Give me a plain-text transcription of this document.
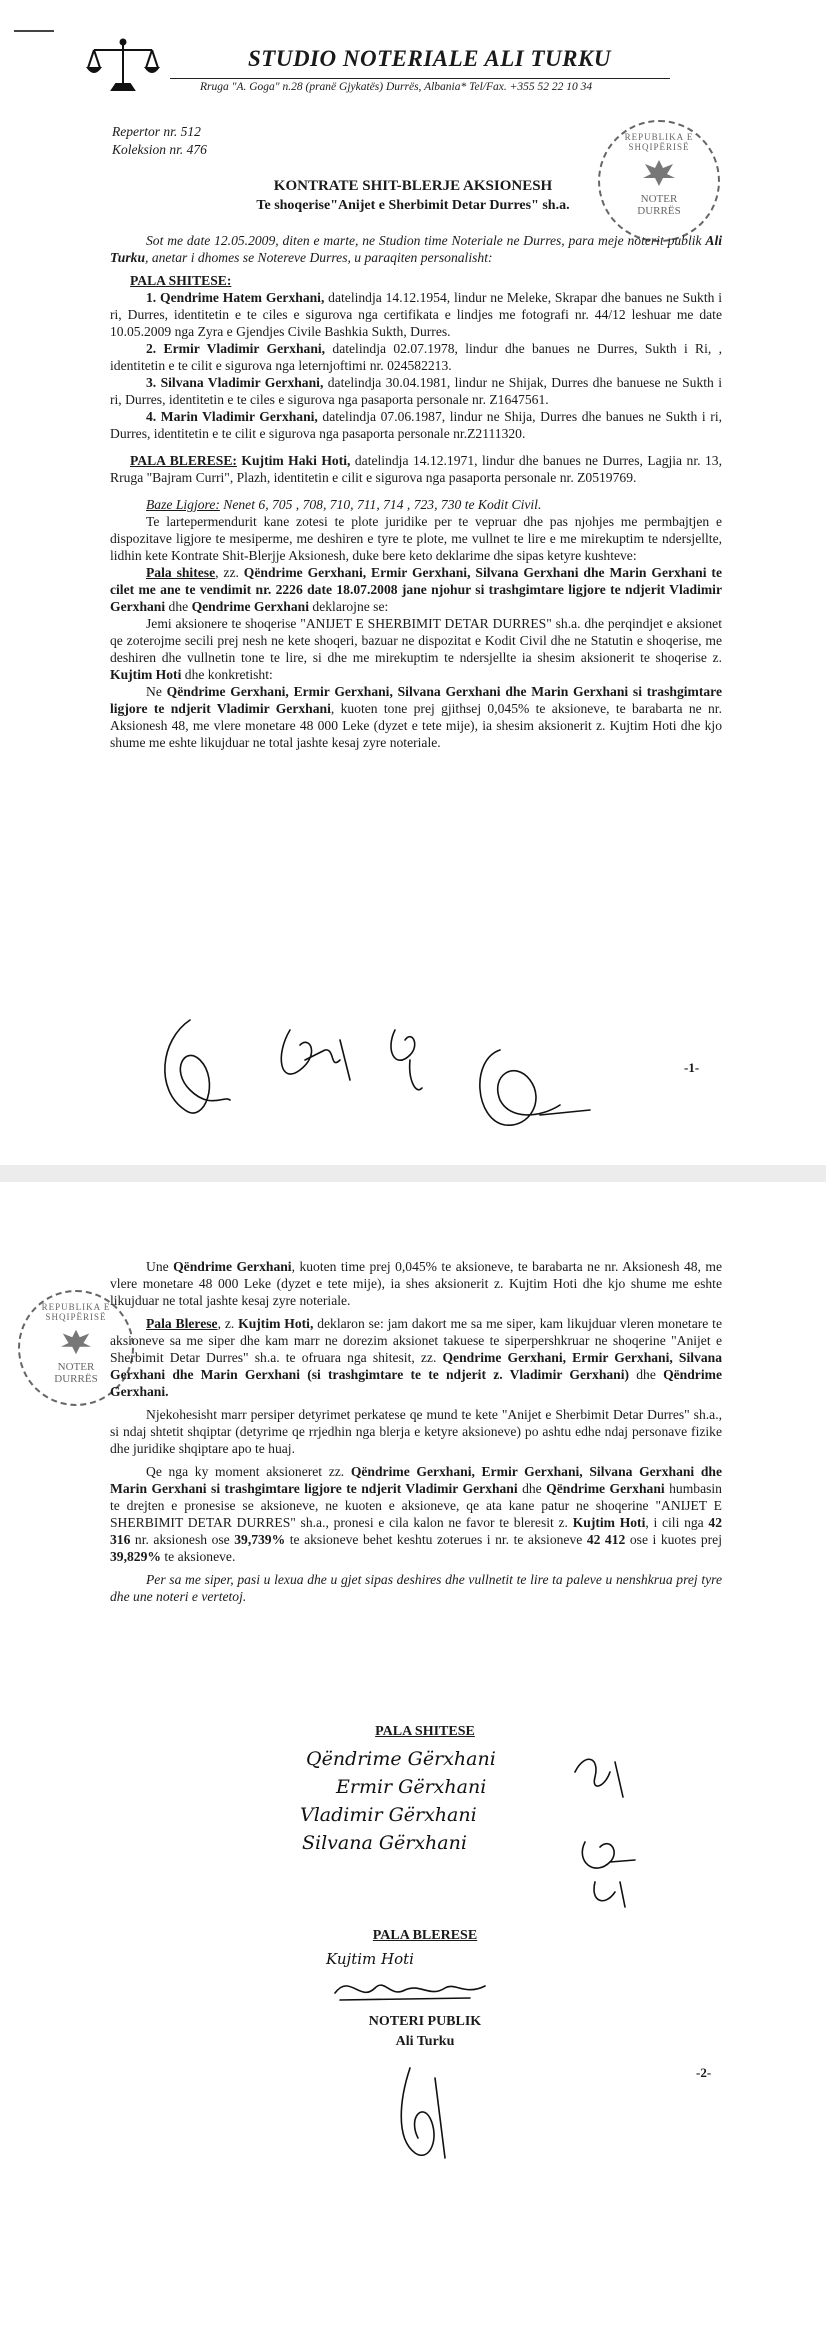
STUDIO NOTERIALE ALI TURKU
Rruga "A. Goga" n.28 (pranë Gjykatës) Durrës, Albania* Tel/Fax. +355 52 22 10 34
Repertor nr. 512
Koleksion nr. 476
REPUBLIKA E SHQIPËRISË
NOTER
DURRËS
KONTRATE SHIT-BLERJE AKSIONESH
Te shoqerise"Anijet e Sherbimit Detar Durres" sh.a.

Sot me date 12.05.2009, diten e marte, ne Studion time Noteriale ne Durres, para meje noterit publik Ali Turku, anetar i dhomes se Notereve Durres, u paraqiten personalisht:

PALA SHITESE:

1. Qendrime Hatem Gerxhani, datelindja 14.12.1954, lindur ne Meleke, Skrapar dhe banues ne Sukth i ri, Durres, identitetin e te ciles e sigurova nga certifikata e lindjes me fotografi nr. 44/12 leshuar me date 10.05.2009 nga Zyra e Gjendjes Civile Bashkia Sukth, Durres.

2. Ermir Vladimir Gerxhani, datelindja 02.07.1978, lindur dhe banues ne Durres, Sukth i Ri, , identitetin e te cilit e sigurova nga leternjoftimi nr. 024582213.

3. Silvana Vladimir Gerxhani, datelindja 30.04.1981, lindur ne Shijak, Durres dhe banuese ne Sukth i ri, Durres, identitetin e te ciles e sigurova nga pasaporta personale nr. Z1647561.

4. Marin Vladimir Gerxhani, datelindja 07.06.1987, lindur ne Shija, Durres dhe banues ne Sukth i ri, Durres, identitetin e te cilit e sigurova nga pasaporta personale nr.Z2111320.

PALA BLERESE: Kujtim Haki Hoti, datelindja 14.12.1971, lindur dhe banues ne Durres, Lagjia nr. 13, Rruga "Bajram Curri", Plazh, identitetin e cilit e sigurova nga pasaporta personale nr. Z0519769.

Baze Ligjore: Nenet 6, 705 , 708, 710, 711, 714 , 723, 730 te Kodit Civil.

Te lartepermendurit kane zotesi te plote juridike per te vepruar dhe pas njohjes me permbajtjen e dispozitave ligjore te mesiperme, me deshiren e tyre te plote, me vullnet te lire e me mirekuptim te ndersjellte, lidhin kete Kontrate Shit-Blerjje Aksionesh, duke bere keto deklarime dhe sipas ketyre kushteve:

Pala shitese, zz. Qëndrime Gerxhani, Ermir Gerxhani, Silvana Gerxhani dhe Marin Gerxhani te cilet me ane te vendimit nr. 2226 date 18.07.2008 jane njohur si trashgimtare ligjore te ndjerit Vladimir Gerxhani dhe Qendrime Gerxhani deklarojne se:

Jemi aksionere te shoqerise "ANIJET E SHERBIMIT DETAR DURRES" sh.a. dhe perqindjet e aksionet qe zoterojme secili prej nesh ne kete shoqeri, bazuar ne dispozitat e Kodit Civil dhe ne Statutin e shoqerise, me deshiren dhe vullnetin tone te lire, si dhe me mirekuptim te ndersjellte ia shesim aksionerit te shoqerise z. Kujtim Hoti dhe konkretisht:

Ne Qëndrime Gerxhani, Ermir Gerxhani, Silvana Gerxhani dhe Marin Gerxhani si trashgimtare ligjore te ndjerit Vladimir Gerxhani, kuoten tone prej gjithsej 0,045% te aksioneve, te barabarta ne nr. Aksionesh 48, me vlere monetare 48 000 Leke (dyzet e tete mije), ia shesim aksionerit z. Kujtim Hoti dhe kjo shume me eshte likujduar ne total jashte kesaj zyre noteriale.

-1-
REPUBLIKA E SHQIPËRISË
NOTER
DURRËS

Une Qëndrime Gerxhani, kuoten time prej 0,045% te aksioneve, te barabarta ne nr. Aksionesh 48, me vlere monetare 48 000 Leke (dyzet e tete mije), ia shes aksionerit z. Kujtim Hoti dhe kjo shume me eshte likujduar ne total jashte kesaj zyre noteriale.

Pala Blerese, z. Kujtim Hoti, deklaron se: jam dakort me sa me siper, kam likujduar vleren monetare te aksioneve sa me siper dhe kam marr ne dorezim aksionet takuese te siperpershkruar ne shoqerine "Anijet e Sherbimit Detar Durres" sh.a. te ofruara nga shitesit, zz. Qendrime Gerxhani, Ermir Gerxhani, Silvana Gerxhani dhe Marin Gerxhani (si trashgimtare te te ndjerit z. Vladimir Gerxhani) dhe Qëndrime Gerxhani.

Njekohesisht marr persiper detyrimet perkatese qe mund te kete "Anijet e Sherbimit Detar Durres" sh.a., si ndaj shtetit shqiptar (detyrime qe rrjedhin nga blerja e ketyre aksioneve) po ashtu edhe ndaj personave fizike dhe juridike shqiptare apo te huaj.

Qe nga ky moment aksioneret zz. Qëndrime Gerxhani, Ermir Gerxhani, Silvana Gerxhani dhe Marin Gerxhani si trashgimtare ligjore te ndjerit Vladimir Gerxhani dhe Qëndrime Gerxhani humbasin te drejten e pronesise se aksioneve, ne kuoten e aksioneve, qe ata kane patur ne shoqerine "ANIJET E SHERBIMIT DETAR DURRES" sh.a., pronesi e cila kalon ne favor te bleresit z. Kujtim Hoti, i cili nga 42 316 nr. aksionesh ose 39,739% te aksioneve behet keshtu zoterues i nr. te aksioneve 42 412 ose i kuotes prej 39,829% te aksioneve.

Per sa me siper, pasi u lexua dhe u gjet sipas deshires dhe vullnetit te lire ta paleve u nenshkrua prej tyre dhe une noteri e vertetoj.

PALA SHITESE
Qëndrime Gërxhani
Ermir Gërxhani
Vladimir Gërxhani
Silvana Gërxhani
PALA BLERESE
Kujtim Hoti
NOTERI PUBLIK
Ali Turku
-2-
